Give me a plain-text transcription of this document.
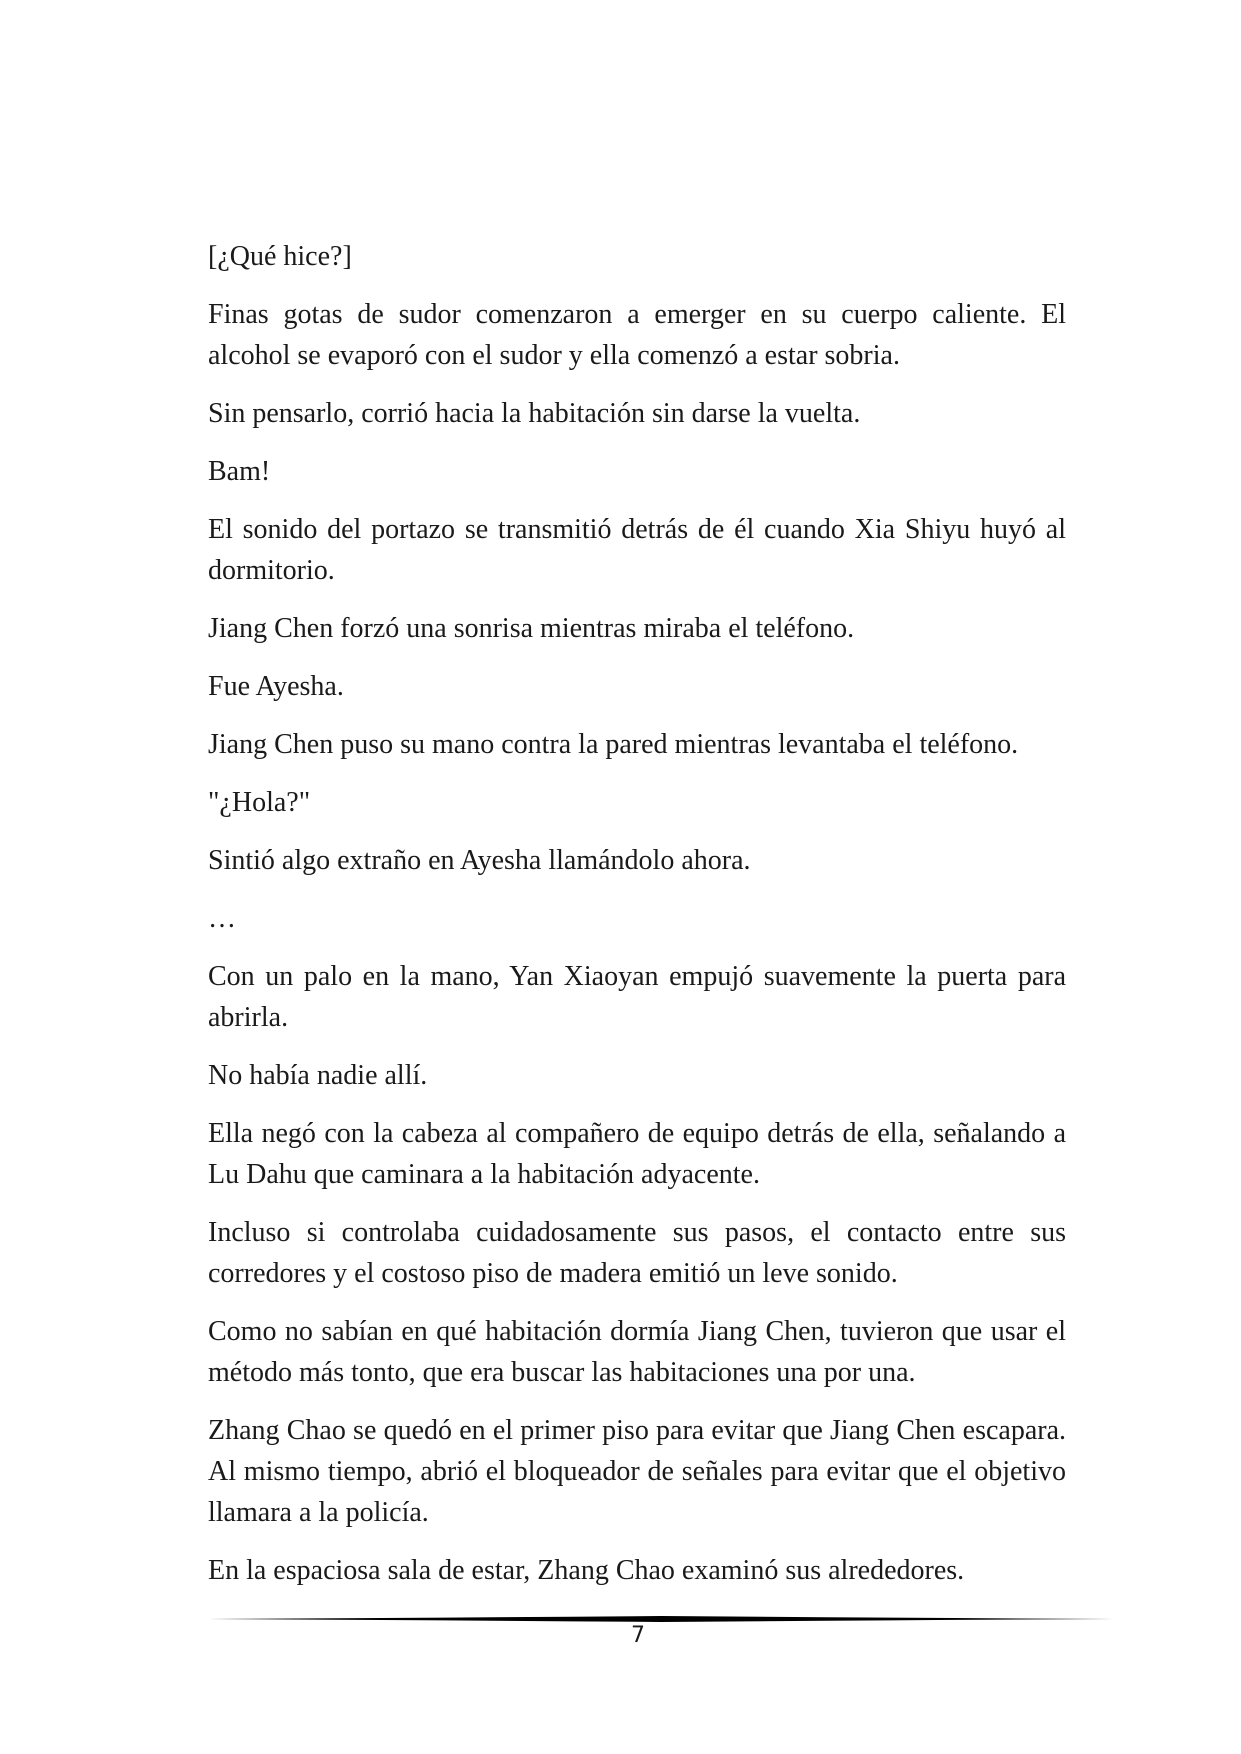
[¿Qué hice?]

Finas gotas de sudor comenzaron a emerger en su cuerpo caliente. El alcohol se evaporó con el sudor y ella comenzó a estar sobria.

Sin pensarlo, corrió hacia la habitación sin darse la vuelta.

Bam!

El sonido del portazo se transmitió detrás de él cuando Xia Shiyu huyó al dormitorio.

Jiang Chen forzó una sonrisa mientras miraba el teléfono.

Fue Ayesha.

Jiang Chen puso su mano contra la pared mientras levantaba el teléfono.

"¿Hola?"

Sintió algo extraño en Ayesha llamándolo ahora.

…

Con un palo en la mano, Yan Xiaoyan empujó suavemente la puerta para abrirla.

No había nadie allí.

Ella negó con la cabeza al compañero de equipo detrás de ella, señalando a Lu Dahu que caminara a la habitación adyacente.

Incluso si controlaba cuidadosamente sus pasos, el contacto entre sus corredores y el costoso piso de madera emitió un leve sonido.

Como no sabían en qué habitación dormía Jiang Chen, tuvieron que usar el método más tonto, que era buscar las habitaciones una por una.

Zhang Chao se quedó en el primer piso para evitar que Jiang Chen escapara. Al mismo tiempo, abrió el bloqueador de señales para evitar que el objetivo llamara a la policía.

En la espaciosa sala de estar, Zhang Chao examinó sus alrededores.

7
